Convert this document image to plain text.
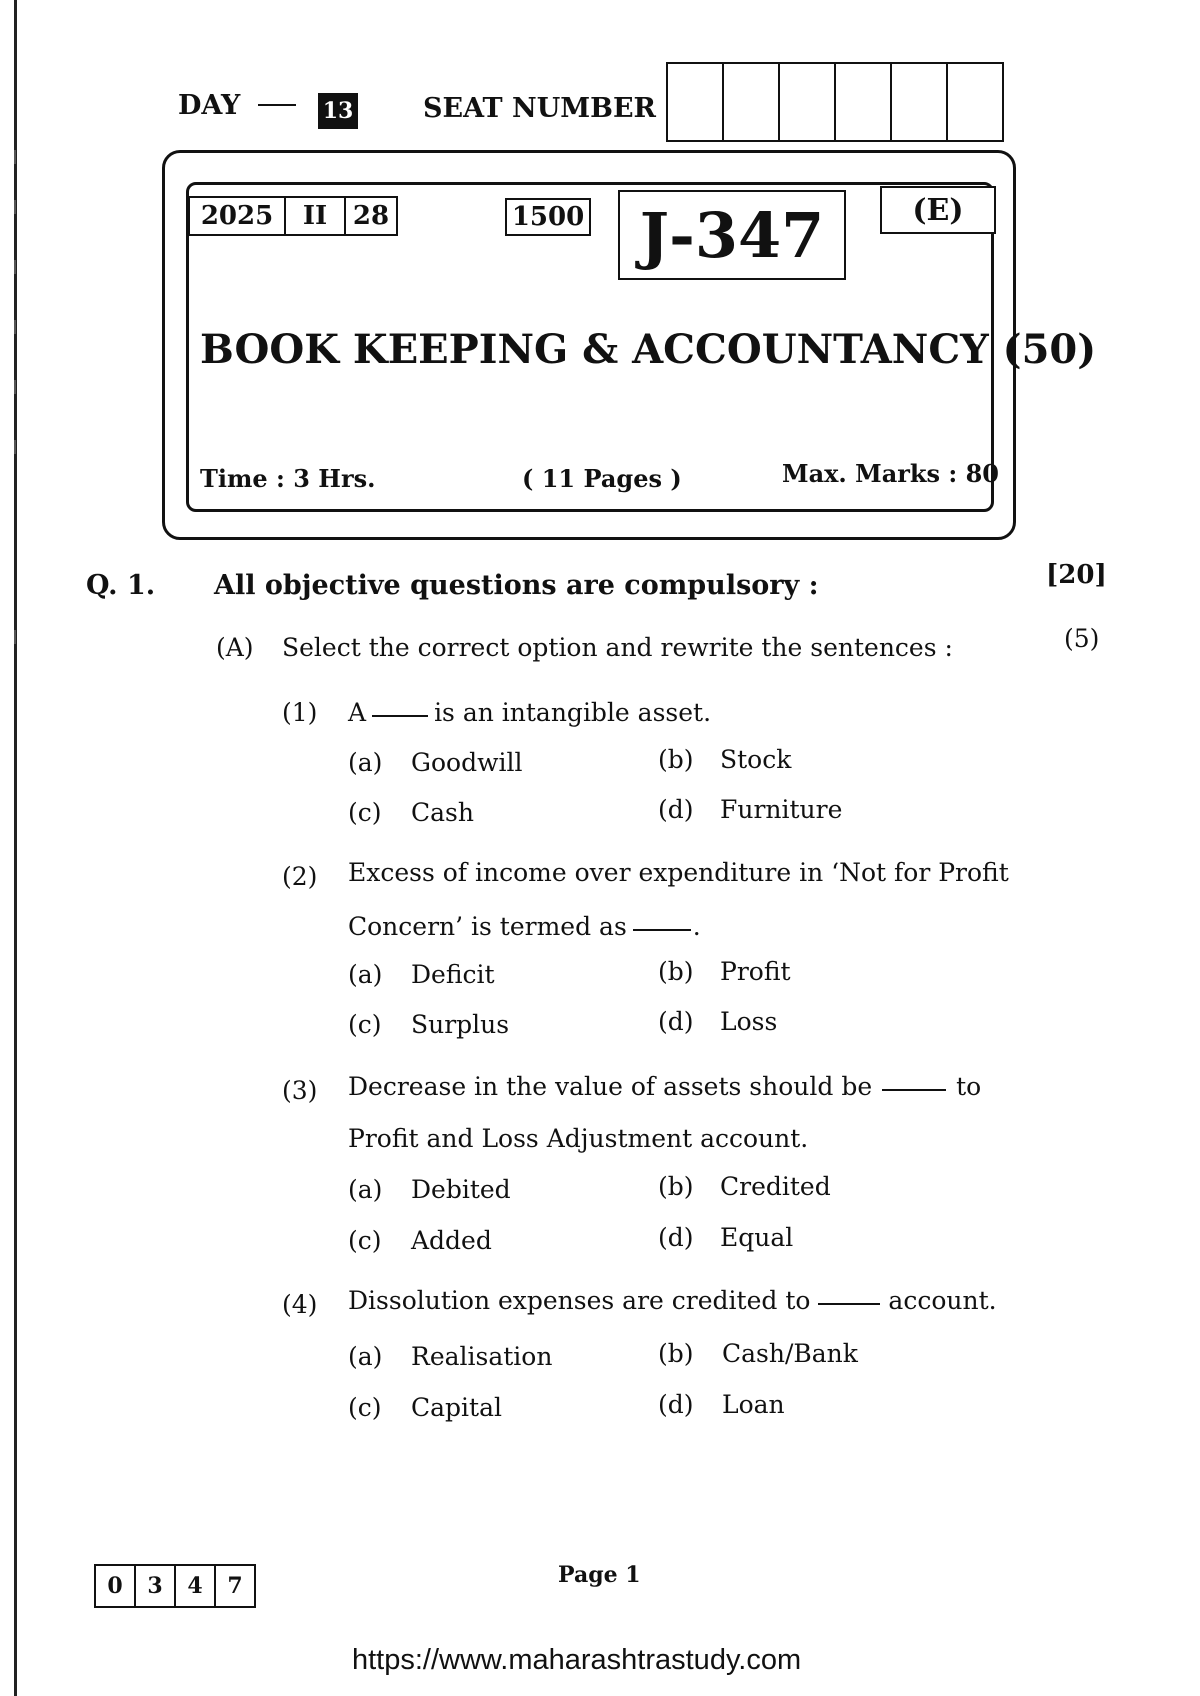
DAY	13	SEAT NUMBER
2025	II 28	1500 J-347	(E)
BOOK KEEPING & ACCOUNTANCY (50)
Time : 3 Hrs.	( 11 Pages )	Max. Marks : 80
Q. 1. All objective questions are compulsory :	[20]
(A) Select the correct option and rewrite the sentences :	(5)
(1) A	is an intangible asset.
(a) Goodwill	(b) Stock
(c) Cash	(d) Furniture
(2) Excess of income over expenditure in ‘Not for Profit
Concern’ is termed as	.
(a) Deficit	(b) Profit
(c) Surplus	(d) Loss
(3) Decrease in the value of assets should be	to
Profit and Loss Adjustment account.
(a) Debited	(b) Credited
(c) Added	(d) Equal
(4) Dissolution expenses are credited to	account.
(a) Realisation	(b) Cash/Bank
(c) Capital	(d) Loan
0	3	4	7	Page 1
https://www.maharashtrastudy.com
